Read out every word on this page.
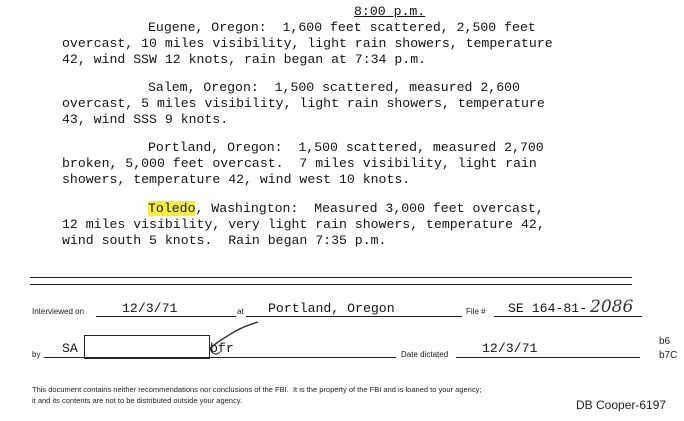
8:00 p.m.
Eugene, Oregon:  1,600 feet scattered, 2,500 feet
overcast, 10 miles visibility, light rain showers, temperature
42, wind SSW 12 knots, rain began at 7:34 p.m.
Salem, Oregon:  1,500 scattered, measured 2,600
overcast, 5 miles visibility, light rain showers, temperature
43, wind SSS 9 knots.
Portland, Oregon:  1,500 scattered, measured 2,700
broken, 5,000 feet overcast.  7 miles visibility, light rain
showers, temperature 42, wind west 10 knots.
Toledo, Washington:  Measured 3,000 feet overcast,
12 miles visibility, very light rain showers, temperature 42,
wind south 5 knots.  Rain began 7:35 p.m.
Interviewed on	12/3/71	at Portland, Oregon	File # SE 164-81- 2086
by SA	bfr	Date dictated	12/3/71	b6
b7C
This document contains neither recommendations nor conclusions of the FBI.  It is the property of the FBI and is loaned to your agency;
it and its contents are not to be distributed outside your agency.	DB Cooper-6197
